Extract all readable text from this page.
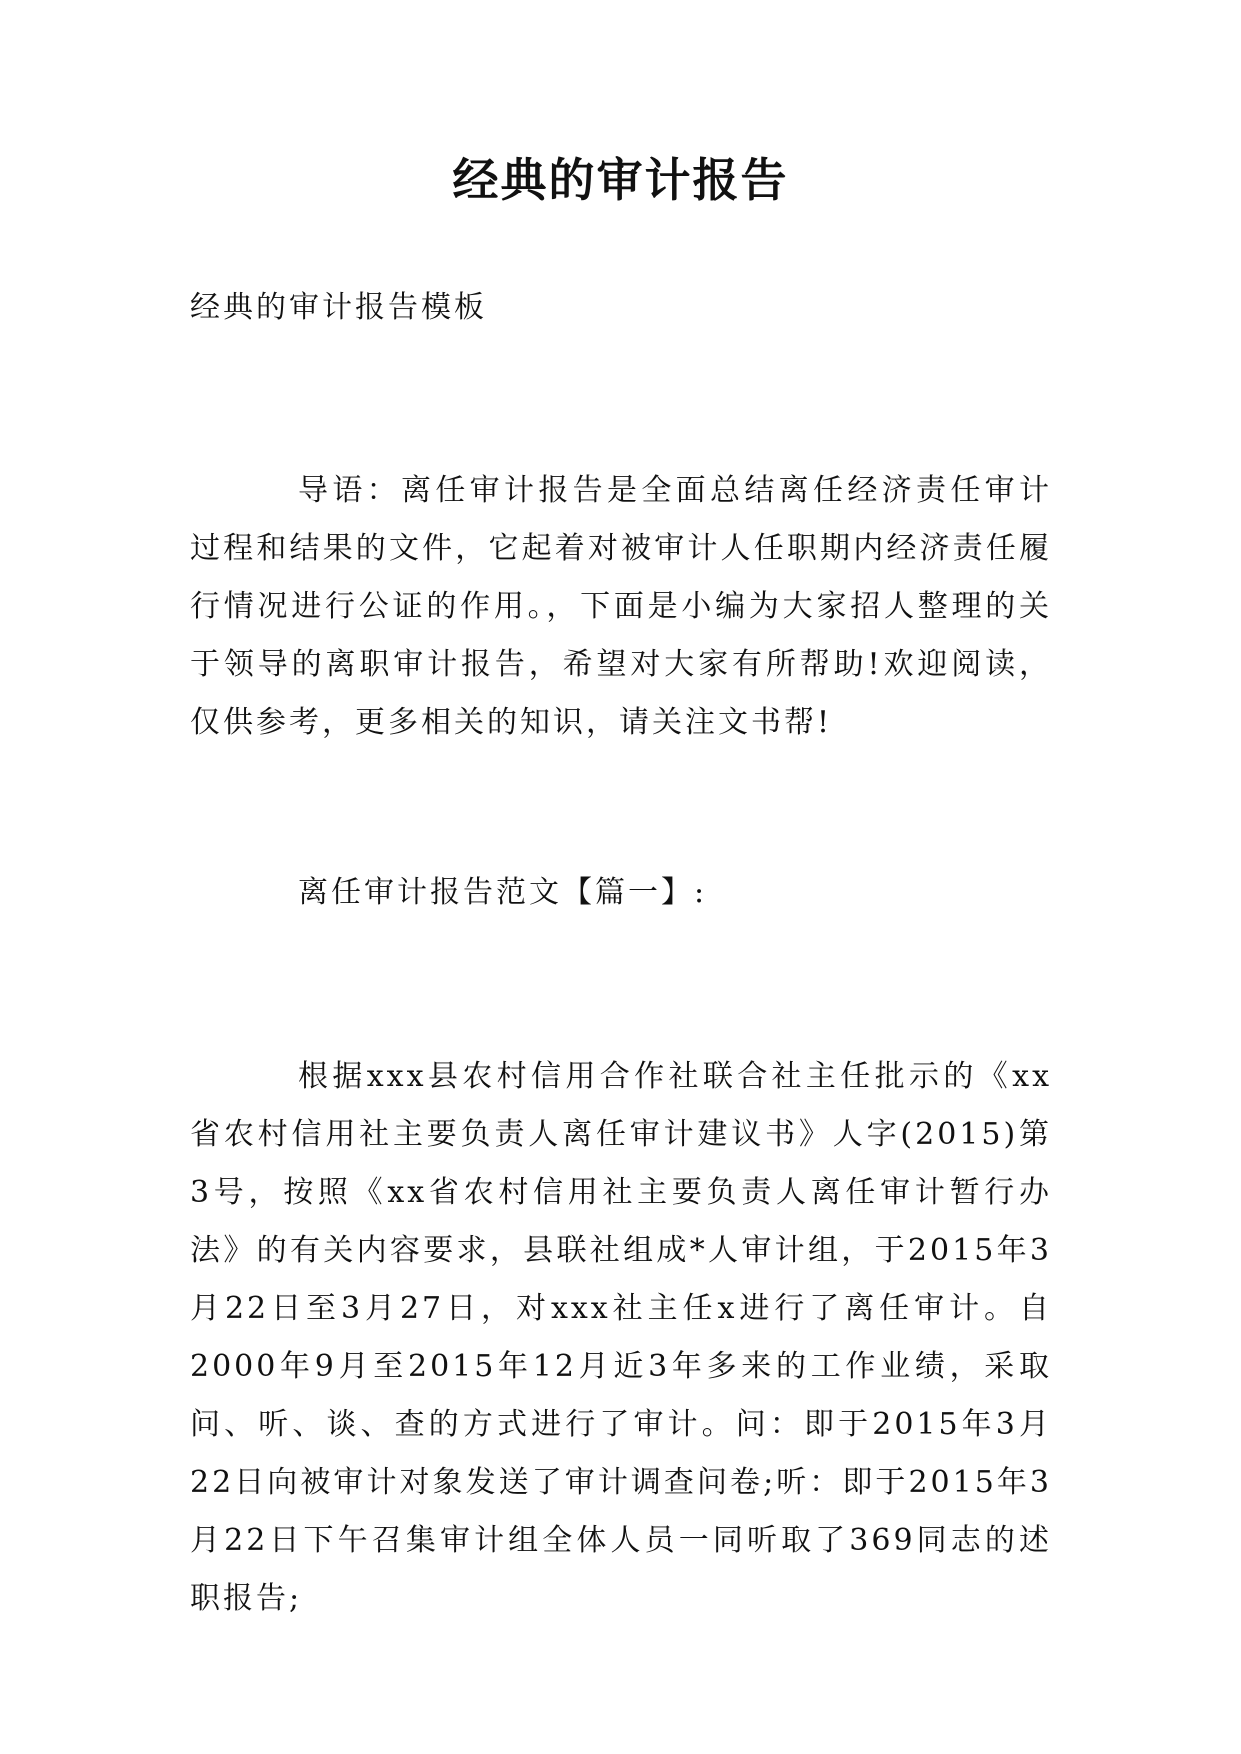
经典的审计报告

经典的审计报告模板

导语：离任审计报告是全面总结离任经济责任审计过程和结果的文件，它起着对被审计人任职期内经济责任履行情况进行公证的作用。，下面是小编为大家招人整理的关于领导的离职审计报告，希望对大家有所帮助!欢迎阅读，仅供参考，更多相关的知识，请关注文书帮!

离任审计报告范文【篇一】:

根据xxx县农村信用合作社联合社主任批示的《xx省农村信用社主要负责人离任审计建议书》人字(2015)第3号，按照《xx省农村信用社主要负责人离任审计暂行办法》的有关内容要求，县联社组成*人审计组，于2015年3月22日至3月27日，对xxx社主任x进行了离任审计。自2000年9月至2015年12月近3年多来的工作业绩，采取问、听、谈、查的方式进行了审计。问：即于2015年3月22日向被审计对象发送了审计调查问卷;听：即于2015年3月22日下午召集审计组全体人员一同听取了369同志的述职报告;
